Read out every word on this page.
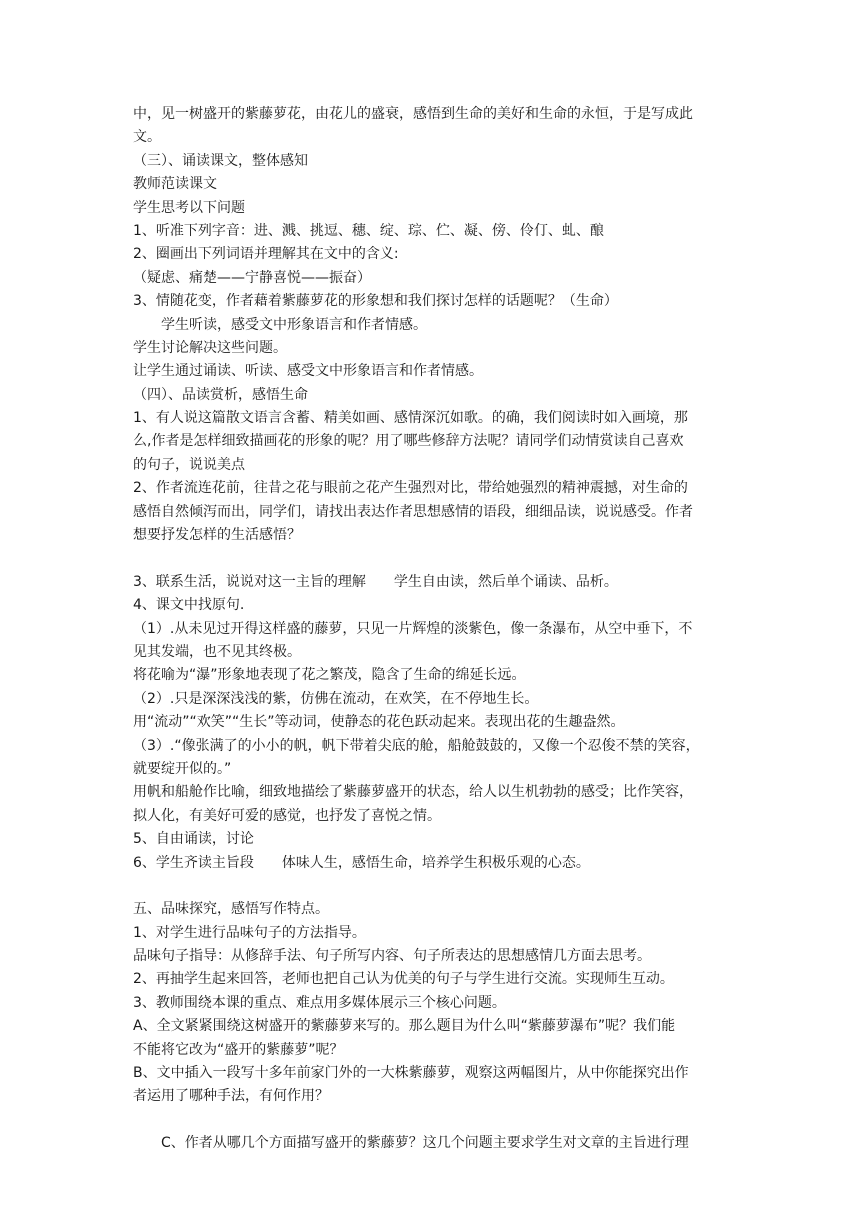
中，见一树盛开的紫藤萝花，由花儿的盛衰，感悟到生命的美好和生命的永恒，于是写成此
文。
（三）、诵读课文，整体感知
教师范读课文
学生思考以下问题
1、听准下列字音：进、溅、挑逗、穗、绽、琮、伫、凝、傍、伶仃、虬、酿
2、圈画出下列词语并理解其在文中的含义:
（疑虑、痛楚——宁静喜悦——振奋）
3、情随花变，作者藉着紫藤萝花的形象想和我们探讨怎样的话题呢？（生命）
学生听读，感受文中形象语言和作者情感。
学生讨论解决这些问题。
让学生通过诵读、听读、感受文中形象语言和作者情感。
（四）、品读赏析，感悟生命
1、有人说这篇散文语言含蓄、精美如画、感情深沉如歌。的确，我们阅读时如入画境，那
么,作者是怎样细致描画花的形象的呢？用了哪些修辞方法呢？请同学们动情赏读自己喜欢
的句子，说说美点
2、作者流连花前，往昔之花与眼前之花产生强烈对比，带给她强烈的精神震撼，对生命的
感悟自然倾泻而出，同学们，请找出表达作者思想感情的语段，细细品读，说说感受。作者
想要抒发怎样的生活感悟？
3、联系生活，说说对这一主旨的理解　　学生自由读，然后单个诵读、品析。
4、课文中找原句.
（1）.从未见过开得这样盛的藤萝，只见一片辉煌的淡紫色，像一条瀑布，从空中垂下，不
见其发端，也不见其终极。
将花喻为“瀑”形象地表现了花之繁茂，隐含了生命的绵延长远。
（2）.只是深深浅浅的紫，仿佛在流动，在欢笑，在不停地生长。
用“流动”“欢笑”“生长”等动词，使静态的花色跃动起来。表现出花的生趣盎然。
（3）.“像张满了的小小的帆，帆下带着尖底的舱，船舱鼓鼓的，又像一个忍俊不禁的笑容，
就要绽开似的。”
用帆和船舱作比喻，细致地描绘了紫藤萝盛开的状态，给人以生机勃勃的感受；比作笑容，
拟人化，有美好可爱的感觉，也抒发了喜悦之情。
5、自由诵读，讨论
6、学生齐读主旨段　　体味人生，感悟生命，培养学生积极乐观的心态。
五、品味探究，感悟写作特点。
1、对学生进行品味句子的方法指导。
品味句子指导：从修辞手法、句子所写内容、句子所表达的思想感情几方面去思考。
2、再抽学生起来回答，老师也把自己认为优美的句子与学生进行交流。实现师生互动。
3、教师围绕本课的重点、难点用多媒体展示三个核心问题。
A、全文紧紧围绕这树盛开的紫藤萝来写的。那么题目为什么叫“紫藤萝瀑布”呢？我们能
不能将它改为“盛开的紫藤萝”呢？
B、文中插入一段写十多年前家门外的一大株紫藤萝，观察这两幅图片，从中你能探究出作
者运用了哪种手法，有何作用？
C、作者从哪几个方面描写盛开的紫藤萝？这几个问题主要求学生对文章的主旨进行理
